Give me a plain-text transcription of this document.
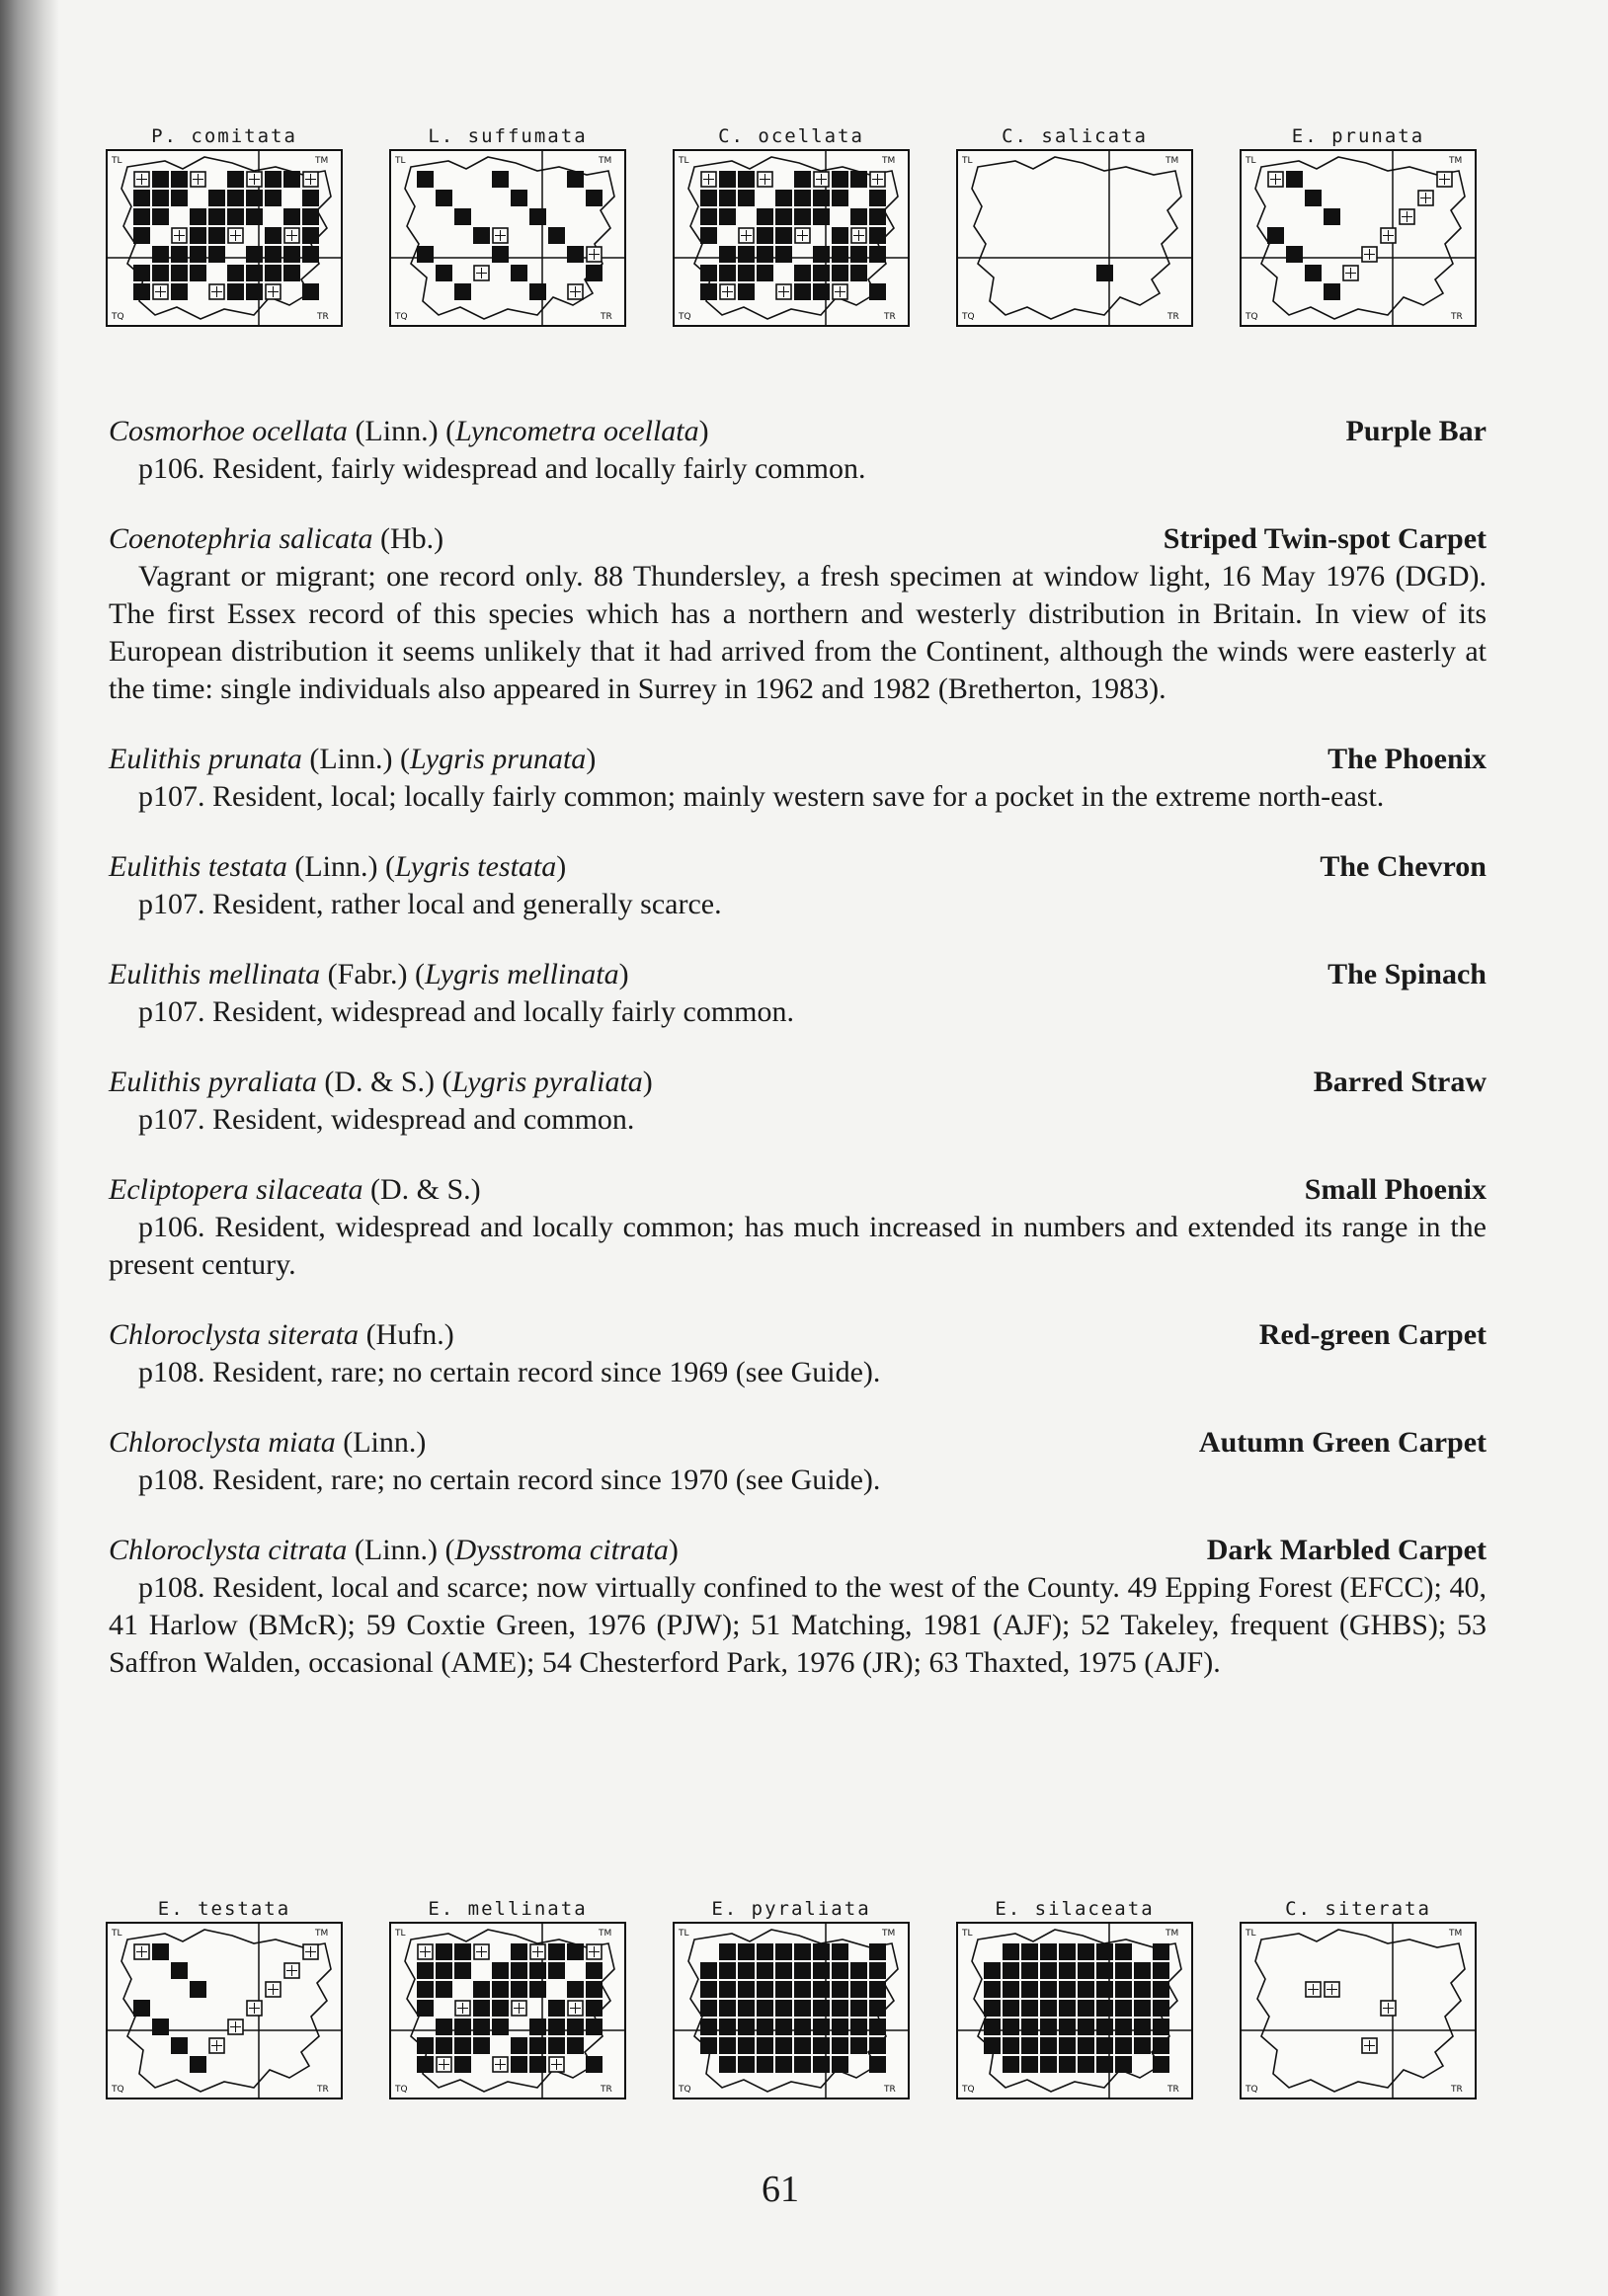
P. comitata
TL	TM
TQ	TR
L. suffumata
TL	TM
TQ	TR
C. ocellata
TL	TM
TQ	TR
C. salicata
TL	TM
TQ	TR
E. prunata
TL	TM
TQ	TR
Cosmorhoe ocellata (Linn.) (Lyncometra ocellata)	Purple Bar
p106. Resident, fairly widespread and locally fairly common.
Coenotephria salicata (Hb.)	Striped Twin-spot Carpet
Vagrant or migrant; one record only. 88 Thundersley, a fresh specimen at window light, 16 May 1976 (DGD). The first Essex record of this species which has a northern and westerly distribution in Britain. In view of its European distribution it seems unlikely that it had arrived from the Continent, although the winds were easterly at the time: single individuals also appeared in Surrey in 1962 and 1982 (Bretherton, 1983).
Eulithis prunata (Linn.) (Lygris prunata)	The Phoenix
p107. Resident, local; locally fairly common; mainly western save for a pocket in the extreme north-east.
Eulithis testata (Linn.) (Lygris testata)	The Chevron
p107. Resident, rather local and generally scarce.
Eulithis mellinata (Fabr.) (Lygris mellinata)	The Spinach
p107. Resident, widespread and locally fairly common.
Eulithis pyraliata (D. & S.) (Lygris pyraliata)	Barred Straw
p107. Resident, widespread and common.
Ecliptopera silaceata (D. & S.)	Small Phoenix
p106. Resident, widespread and locally common; has much increased in numbers and extended its range in the present century.
Chloroclysta siterata (Hufn.)	Red-green Carpet
p108. Resident, rare; no certain record since 1969 (see Guide).
Chloroclysta miata (Linn.)	Autumn Green Carpet
p108. Resident, rare; no certain record since 1970 (see Guide).
Chloroclysta citrata (Linn.) (Dysstroma citrata)	Dark Marbled Carpet
p108. Resident, local and scarce; now virtually confined to the west of the County. 49 Epping Forest (EFCC); 40, 41 Harlow (BMcR); 59 Coxtie Green, 1976 (PJW); 51 Matching, 1981 (AJF); 52 Takeley, frequent (GHBS); 53 Saffron Walden, occasional (AME); 54 Chesterford Park, 1976 (JR); 63 Thaxted, 1975 (AJF).
E. testata
TL	TM
TQ	TR
E. mellinata
TL	TM
TQ	TR
E. pyraliata
TL	TM
TQ	TR
E. silaceata
TL	TM
TQ	TR
C. siterata
TL	TM
TQ	TR
61
